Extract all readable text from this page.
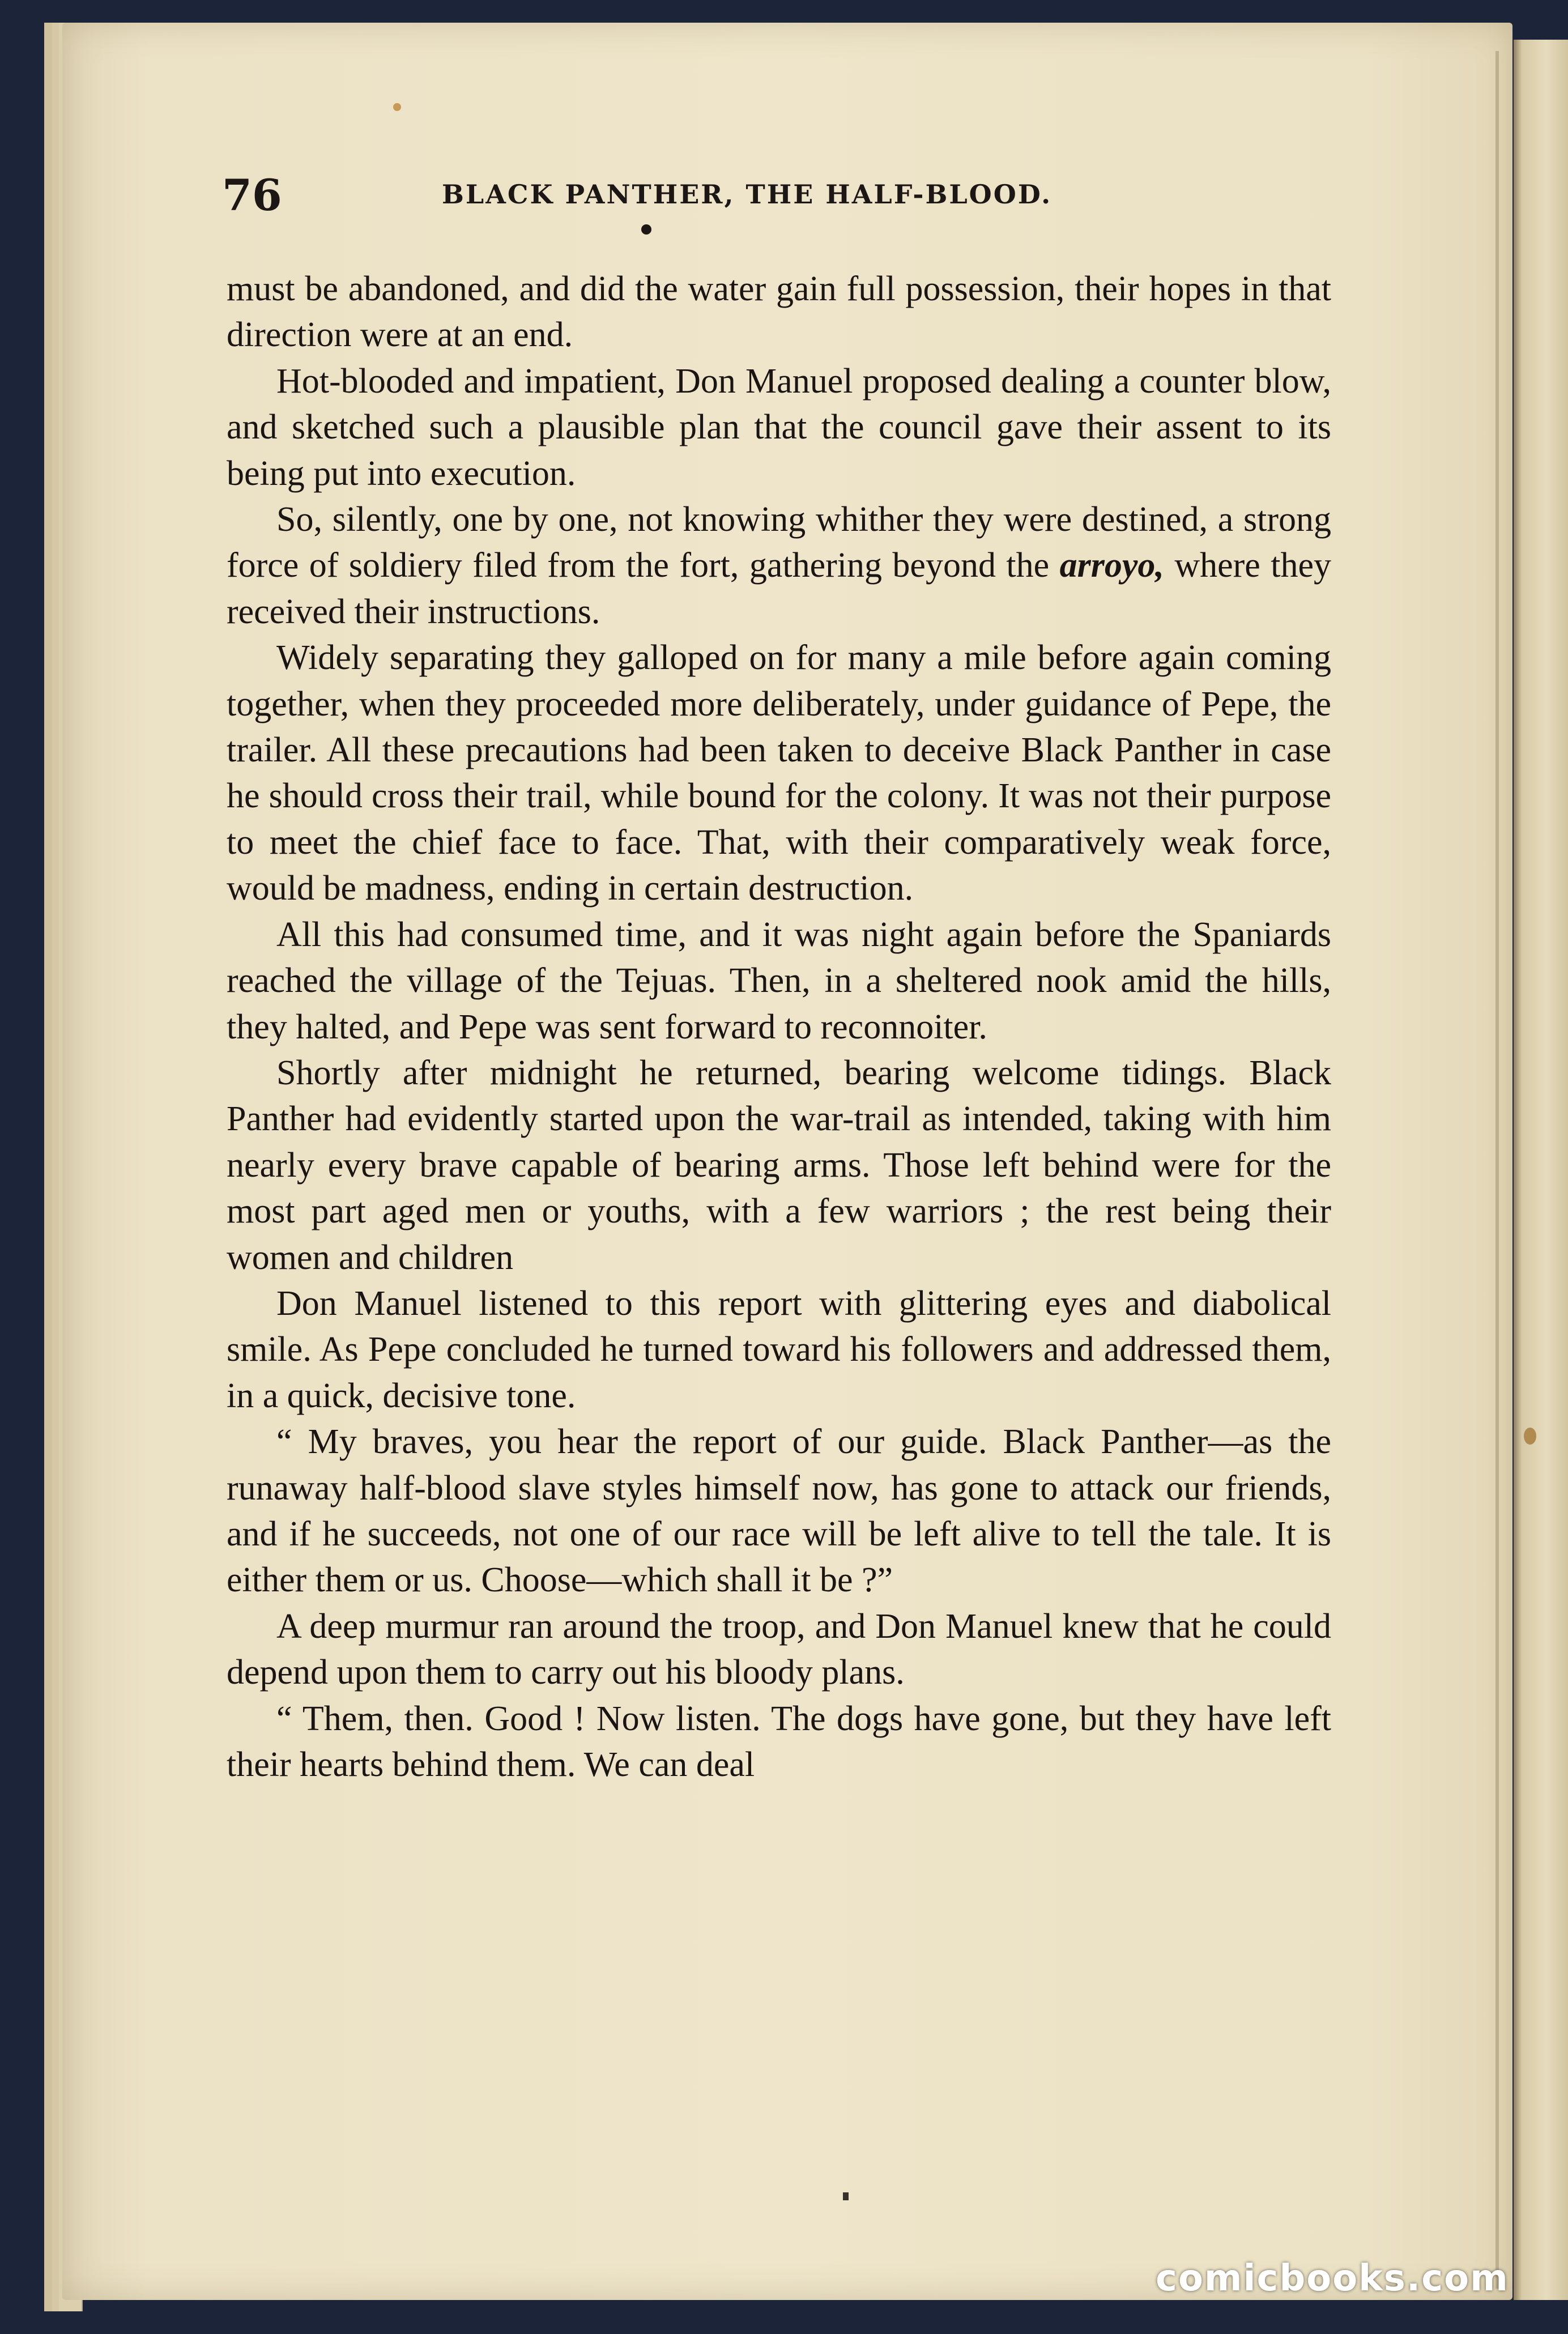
76	BLACK PANTHER, THE HALF-BLOOD.

must be abandoned, and did the water gain full possession, their hopes in that direction were at an end.

Hot-blooded and impatient, Don Manuel proposed dealing a counter blow, and sketched such a plausible plan that the council gave their assent to its being put into execution.

So, silently, one by one, not knowing whither they were destined, a strong force of soldiery filed from the fort, gathering beyond the arroyo, where they received their instructions.

Widely separating they galloped on for many a mile before again coming together, when they proceeded more deliberately, under guidance of Pepe, the trailer. All these precautions had been taken to deceive Black Panther in case he should cross their trail, while bound for the colony. It was not their purpose to meet the chief face to face. That, with their comparatively weak force, would be madness, ending in certain destruction.

All this had consumed time, and it was night again before the Spaniards reached the village of the Tejuas. Then, in a sheltered nook amid the hills, they halted, and Pepe was sent forward to reconnoiter.

Shortly after midnight he returned, bearing welcome tidings. Black Panther had evidently started upon the war-trail as intended, taking with him nearly every brave capable of bearing arms. Those left behind were for the most part aged men or youths, with a few warriors ; the rest being their women and children

Don Manuel listened to this report with glittering eyes and diabolical smile. As Pepe concluded he turned toward his followers and addressed them, in a quick, decisive tone.

“ My braves, you hear the report of our guide. Black Panther—as the runaway half-blood slave styles himself now, has gone to attack our friends, and if he succeeds, not one of our race will be left alive to tell the tale. It is either them or us. Choose—which shall it be ?”

A deep murmur ran around the troop, and Don Manuel knew that he could depend upon them to carry out his bloody plans.

“ Them, then. Good ! Now listen. The dogs have gone, but they have left their hearts behind them. We can deal

comicbooks.com
